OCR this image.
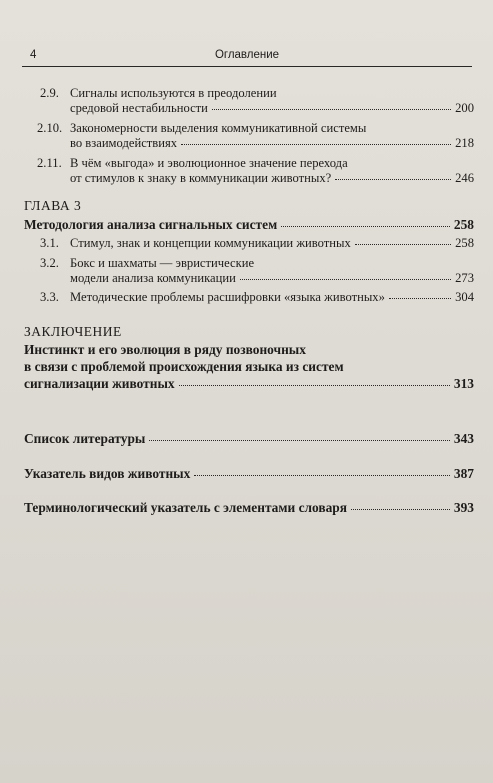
4	Оглавление
2.9. Сигналы используются в преодолении
средовой нестабильности	200
2.10. Закономерности выделения коммуникативной системы
во взаимодействиях	218
2.11. В чём «выгода» и эволюционное значение перехода
от стимулов к знаку в коммуникации животных?	246
ГЛАВА 3
Методология анализа сигнальных систем	258
3.1. Стимул, знак и концепции коммуникации животных	258
3.2. Бокс и шахматы — эвристические
модели анализа коммуникации	273
3.3. Методические проблемы расшифровки «языка животных»	304
ЗАКЛЮЧЕНИЕ
Инстинкт и его эволюция в ряду позвоночных
в связи с проблемой происхождения языка из систем
сигнализации животных	313
Список литературы	343
Указатель видов животных	387
Терминологический указатель с элементами словаря	393
